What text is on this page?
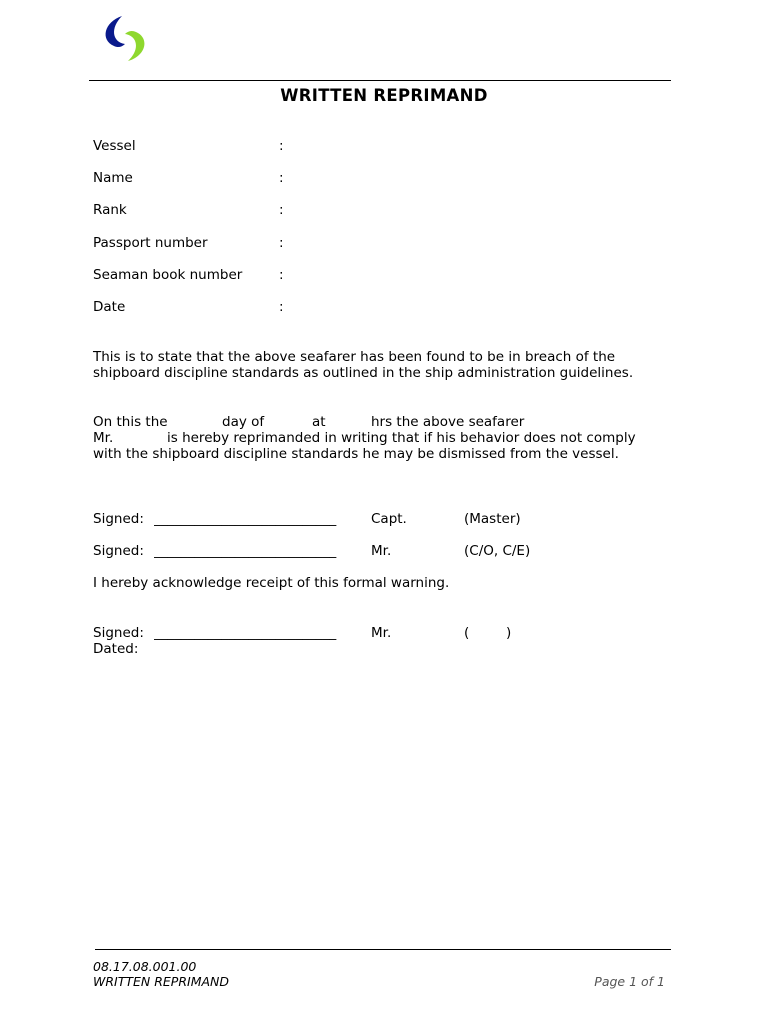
WRITTEN REPRIMAND
Vessel	:
Name	:
Rank	:
Passport number	:
Seaman book number	:
Date	:
This is to state that the above seafarer has been found to be in breach of the
shipboard discipline standards as outlined in the ship administration guidelines.
On this the	day of	at	hrs the above seafarer
Mr.	is hereby reprimanded in writing that if his behavior does not comply
with the shipboard discipline standards he may be dismissed from the vessel.
Signed: ___________________________	Capt.	(Master)
Signed: ___________________________	Mr.	(C/O, C/E)
I hereby acknowledge receipt of this formal warning.
Signed: ___________________________	Mr.	(	)
Dated:
08.17.08.001.00
WRITTEN REPRIMAND	Page 1 of 1
